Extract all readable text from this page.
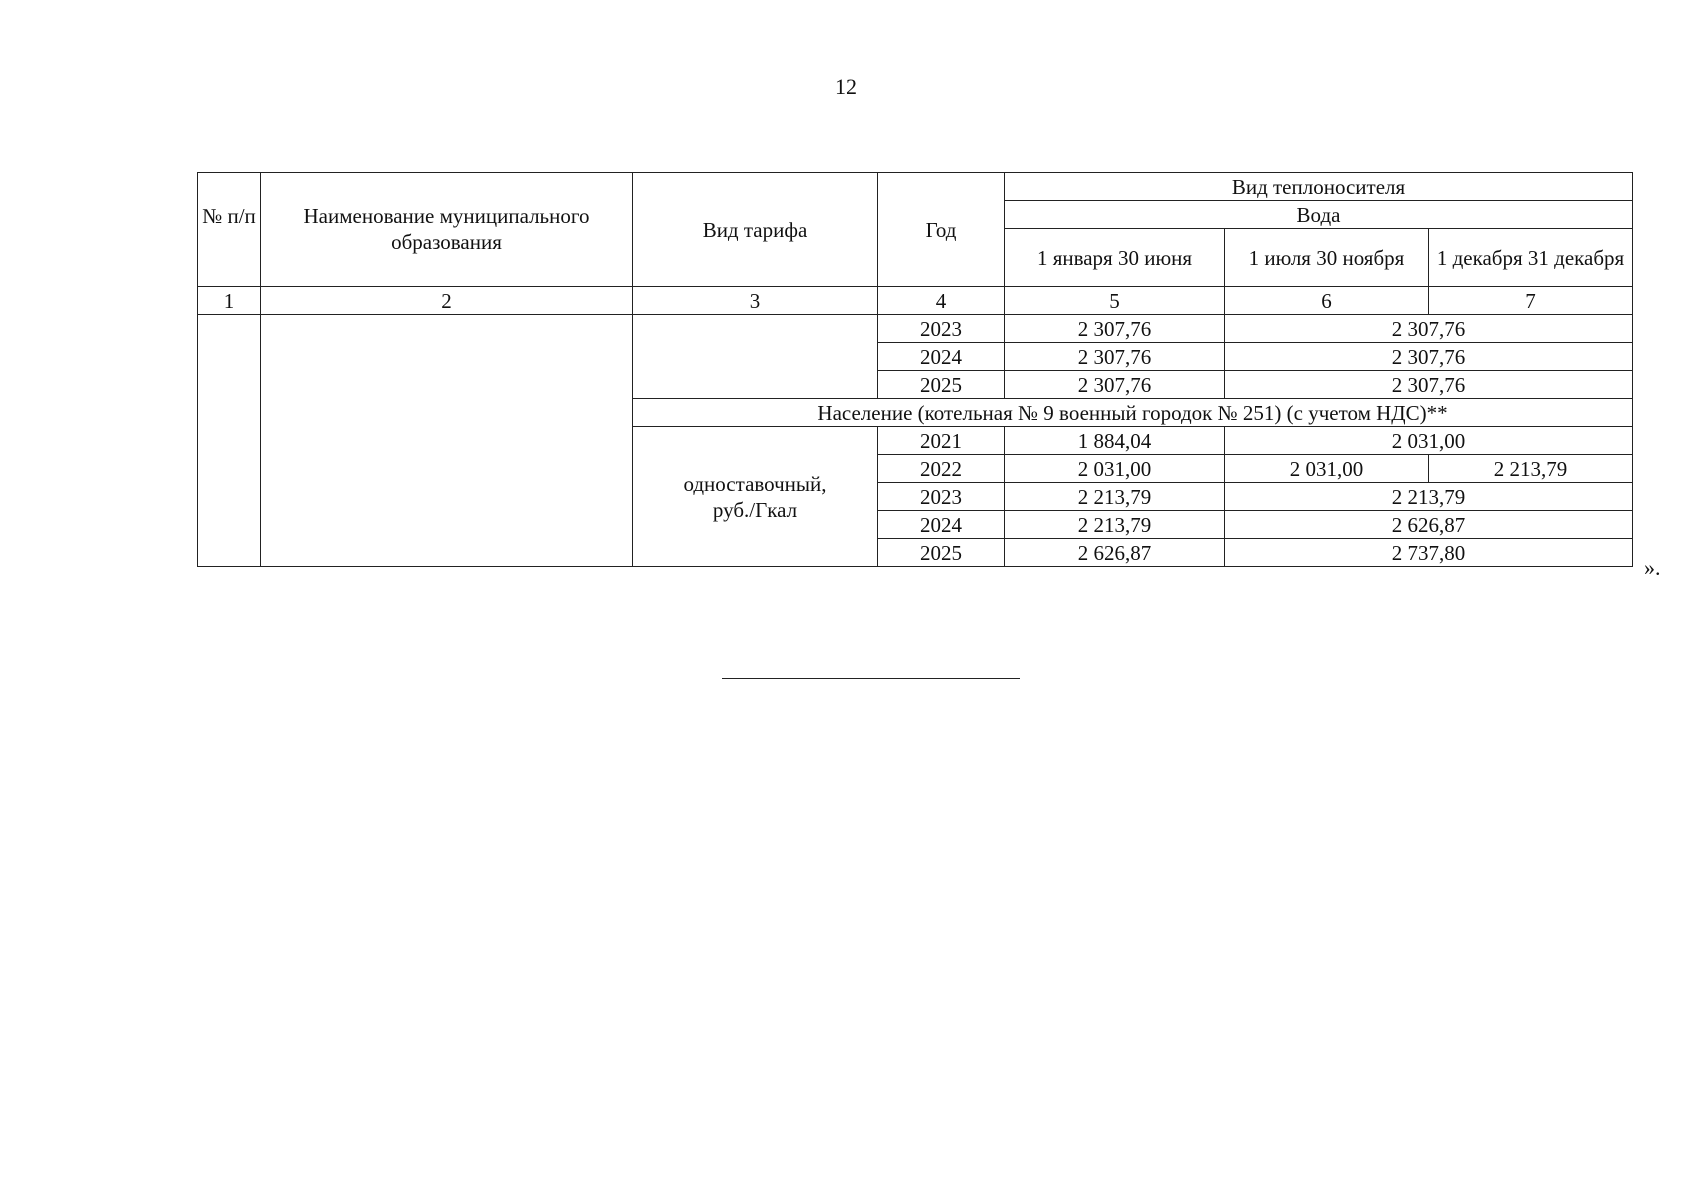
12
№ п/п	Наименование муниципального образования	Вид тарифа	Год	Вид теплоносителя		
				Вода		
				1 января 30 июня	1 июля 30 ноября	1 декабря 31 декабря
1	2	3	4	5	6	7
			2023	2 307,76	2 307,76	
			2024	2 307,76	2 307,76	
			2025	2 307,76	2 307,76	
		Население (котельная № 9 военный городок № 251) (с учетом НДС)**				
		одноставочный, руб./Гкал	2021	1 884,04	2 031,00	
			2022	2 031,00	2 031,00	2 213,79
			2023	2 213,79	2 213,79	
			2024	2 213,79	2 626,87	
			2025	2 626,87	2 737,80	
».
